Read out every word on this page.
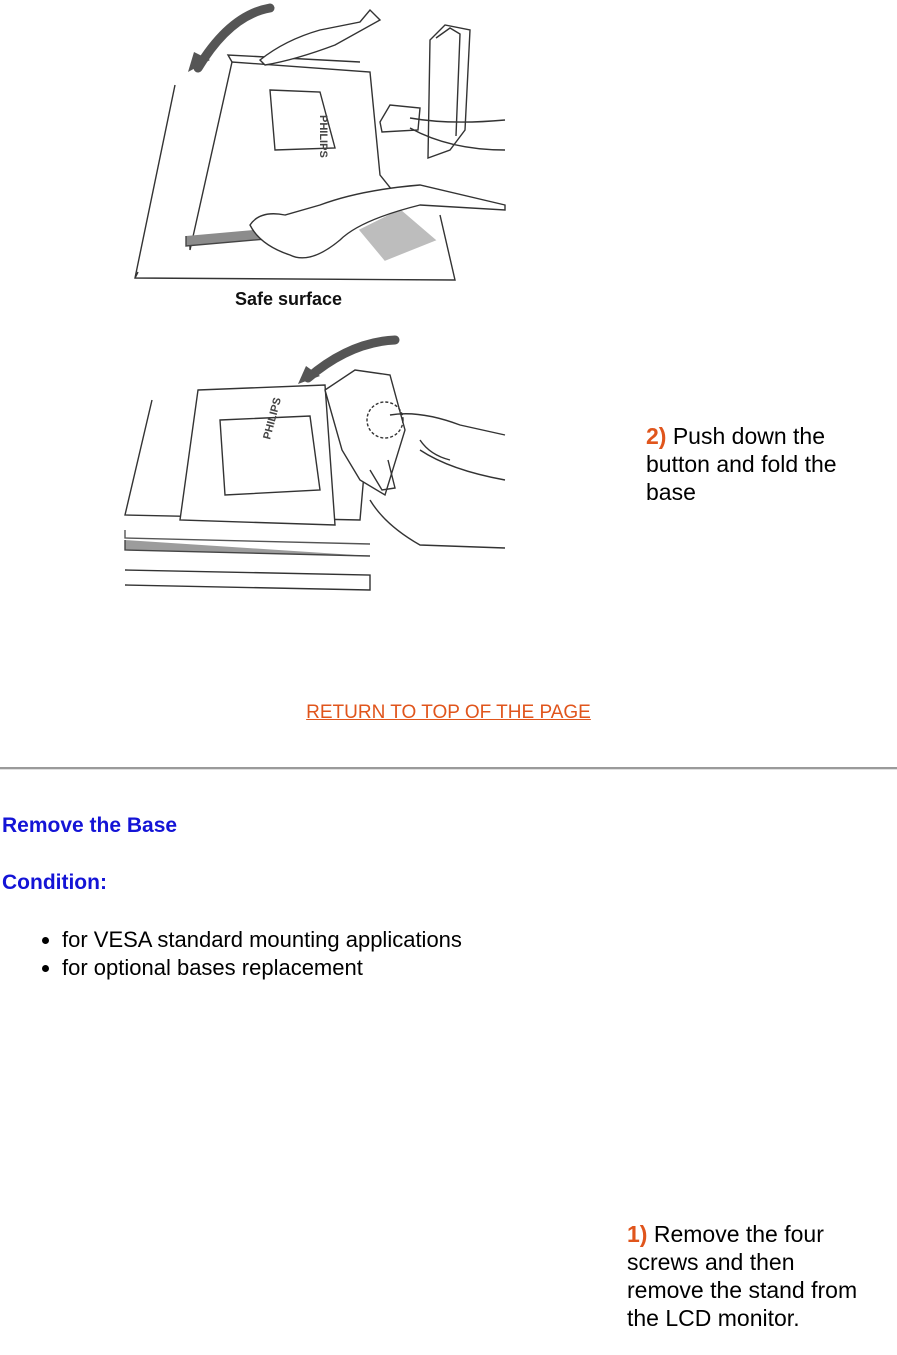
PHILIPS
Safe surface
PHILIPS	2) Push down the button and fold the base
RETURN TO TOP OF THE PAGE
Remove the Base
Condition:
• for VESA standard mounting applications
• for optional bases replacement
1) Remove the four screws and then remove the stand from the LCD monitor.
